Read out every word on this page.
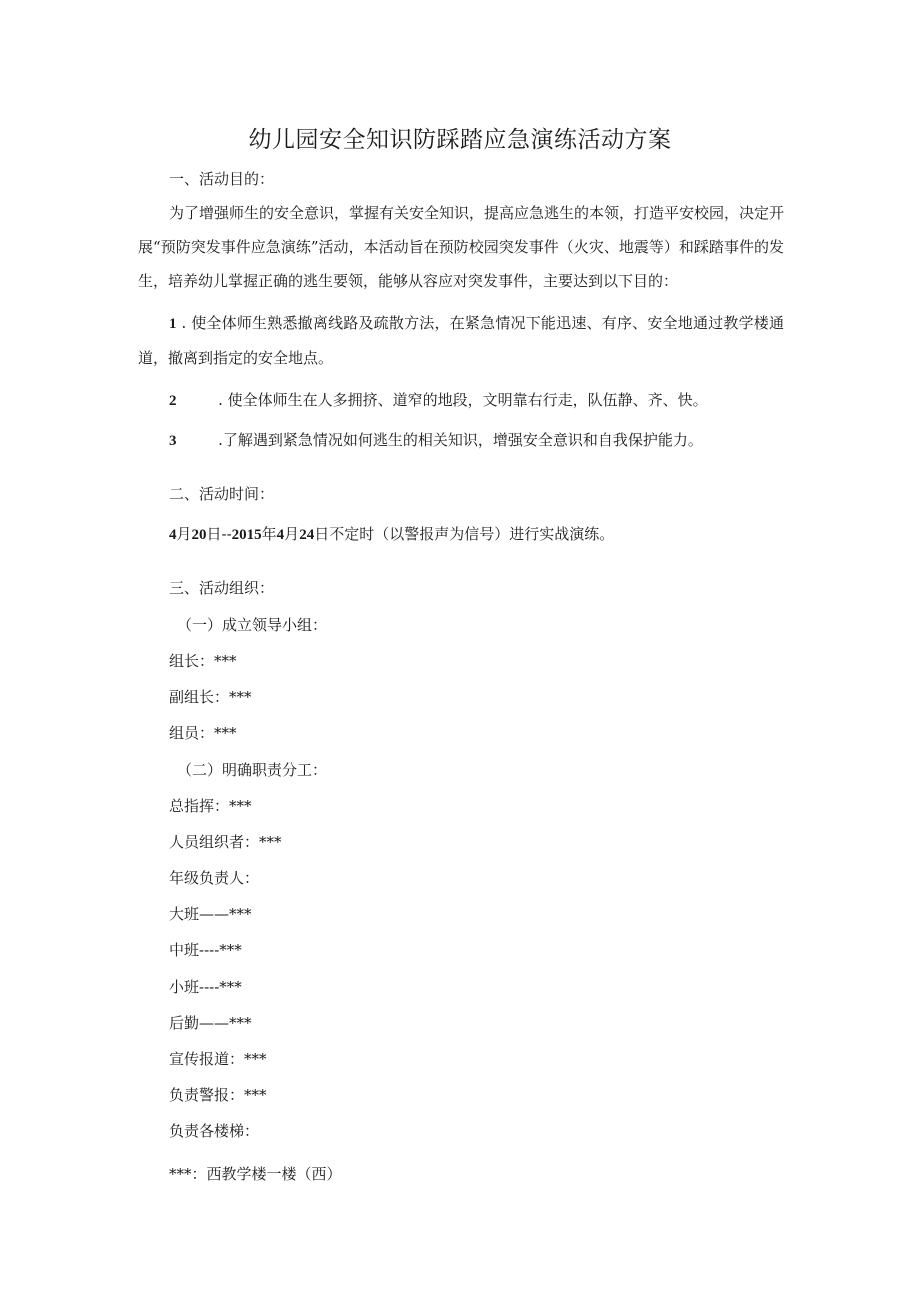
幼儿园安全知识防踩踏应急演练活动方案
一、活动目的：
为了增强师生的安全意识，掌握有关安全知识，提高应急逃生的本领，打造平安校园，决定开展“预防突发事件应急演练”活动，本活动旨在预防校园突发事件（火灾、地震等）和踩踏事件的发生，培养幼儿掌握正确的逃生要领，能够从容应对突发事件，主要达到以下目的：
1 . 使全体师生熟悉撤离线路及疏散方法，在紧急情况下能迅速、有序、安全地通过教学楼通道，撤离到指定的安全地点。
2	. 使全体师生在人多拥挤、道窄的地段，文明靠右行走，队伍静、齐、快。
3	.了解遇到紧急情况如何逃生的相关知识，增强安全意识和自我保护能力。
二、活动时间：
4月20日--2015年4月24日不定时（以警报声为信号）进行实战演练。
三、活动组织：
（一）成立领导小组：
组长：***
副组长：***
组员：***
（二）明确职责分工：
总指挥：***
人员组织者：***
年级负责人：
大班——***
中班----***
小班----***
后勤——***
宣传报道：***
负责警报：***
负责各楼梯：
***：西教学楼一楼（西）
